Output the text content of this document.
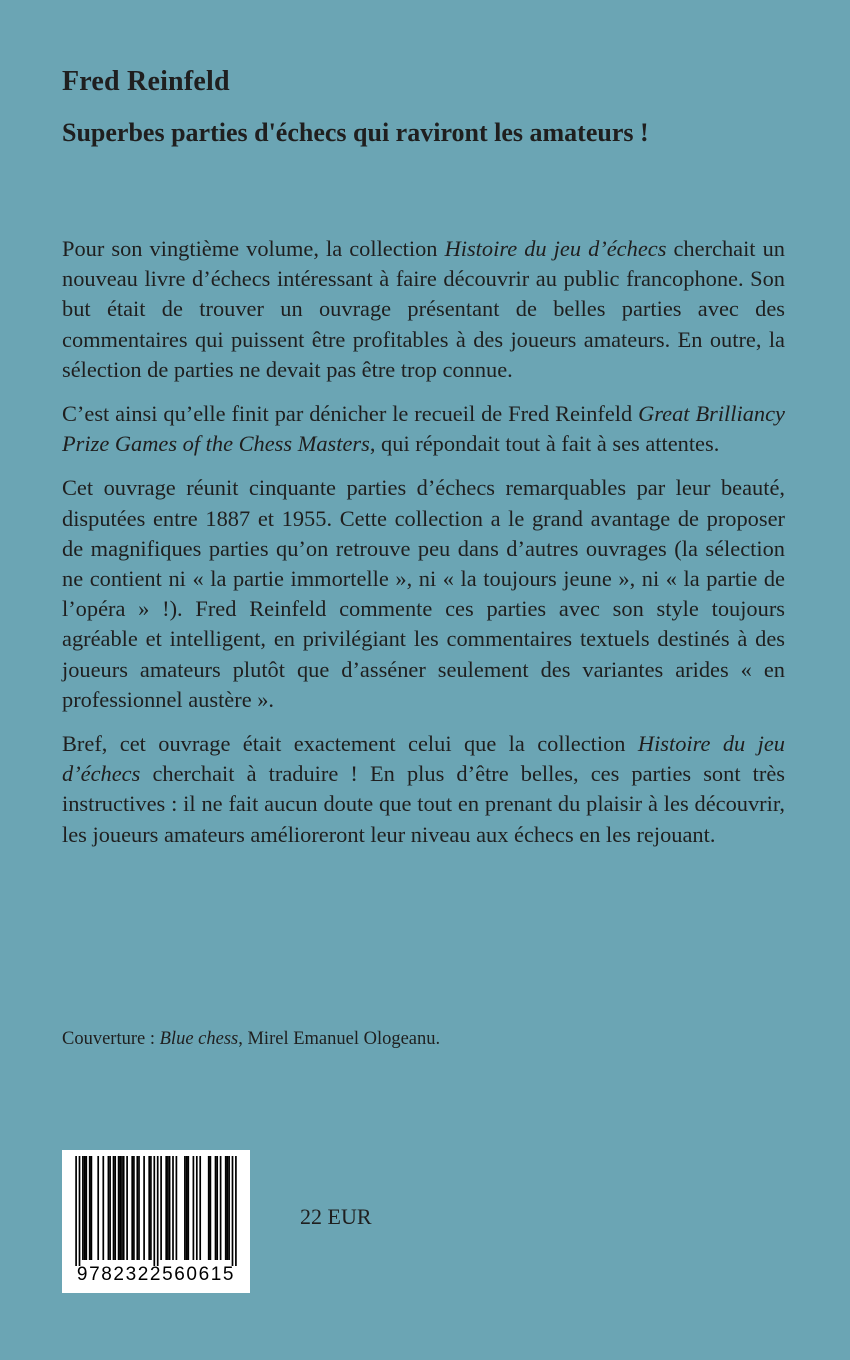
Fred Reinfeld
Superbes parties d'échecs qui raviront les amateurs !

Pour son vingtième volume, la collection Histoire du jeu d’échecs cherchait un nouveau livre d’échecs intéressant à faire découvrir au public francophone. Son but était de trouver un ouvrage présentant de belles parties avec des commentaires qui puissent être profitables à des joueurs amateurs. En outre, la sélection de parties ne devait pas être trop connue.

C’est ainsi qu’elle finit par dénicher le recueil de Fred Reinfeld Great Brilliancy Prize Games of the Chess Masters, qui répondait tout à fait à ses attentes.

Cet ouvrage réunit cinquante parties d’échecs remarquables par leur beauté, disputées entre 1887 et 1955. Cette collection a le grand avantage de proposer de magnifiques parties qu’on retrouve peu dans d’autres ouvrages (la sélection ne contient ni « la partie immortelle », ni « la toujours jeune », ni « la partie de l’opéra » !). Fred Reinfeld commente ces parties avec son style toujours agréable et intelligent, en privilégiant les commentaires textuels destinés à des joueurs amateurs plutôt que d’asséner seulement des variantes arides « en professionnel austère ».

Bref, cet ouvrage était exactement celui que la collection Histoire du jeu d’échecs cherchait à traduire ! En plus d’être belles, ces parties sont très instructives : il ne fait aucun doute que tout en prenant du plaisir à les découvrir, les joueurs amateurs amélioreront leur niveau aux échecs en les rejouant.

Couverture : Blue chess, Mirel Emanuel Ologeanu.

9782322560615

22 EUR
